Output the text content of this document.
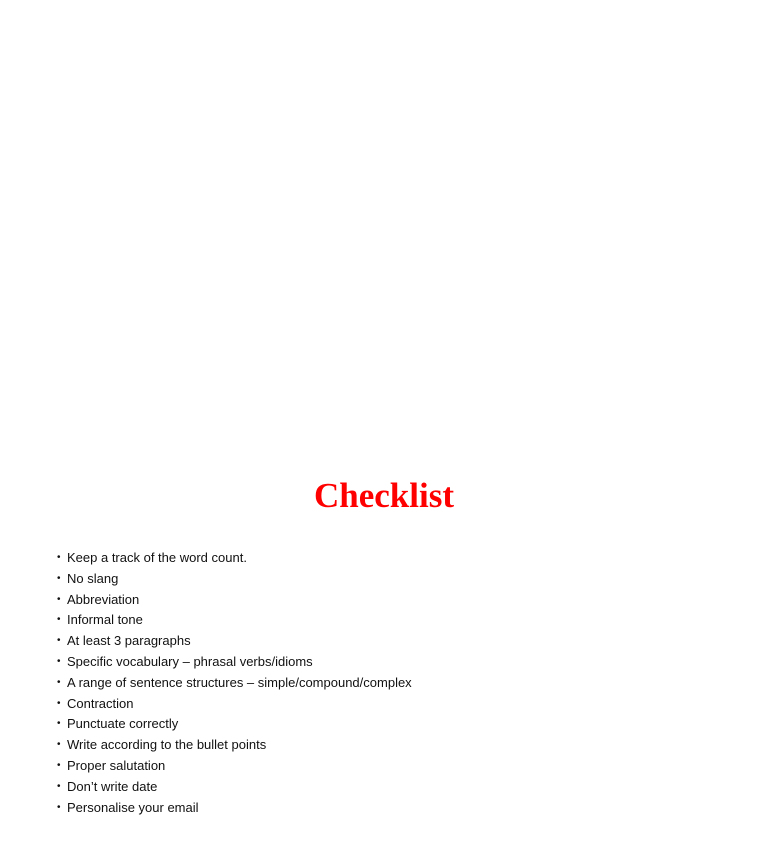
Checklist
• Keep a track of the word count.
• No slang
• Abbreviation
• Informal tone
• At least 3 paragraphs
• Specific vocabulary – phrasal verbs/idioms
• A range of sentence structures – simple/compound/complex
• Contraction
• Punctuate correctly
• Write according to the bullet points
• Proper salutation
• Don’t write date
• Personalise your email
